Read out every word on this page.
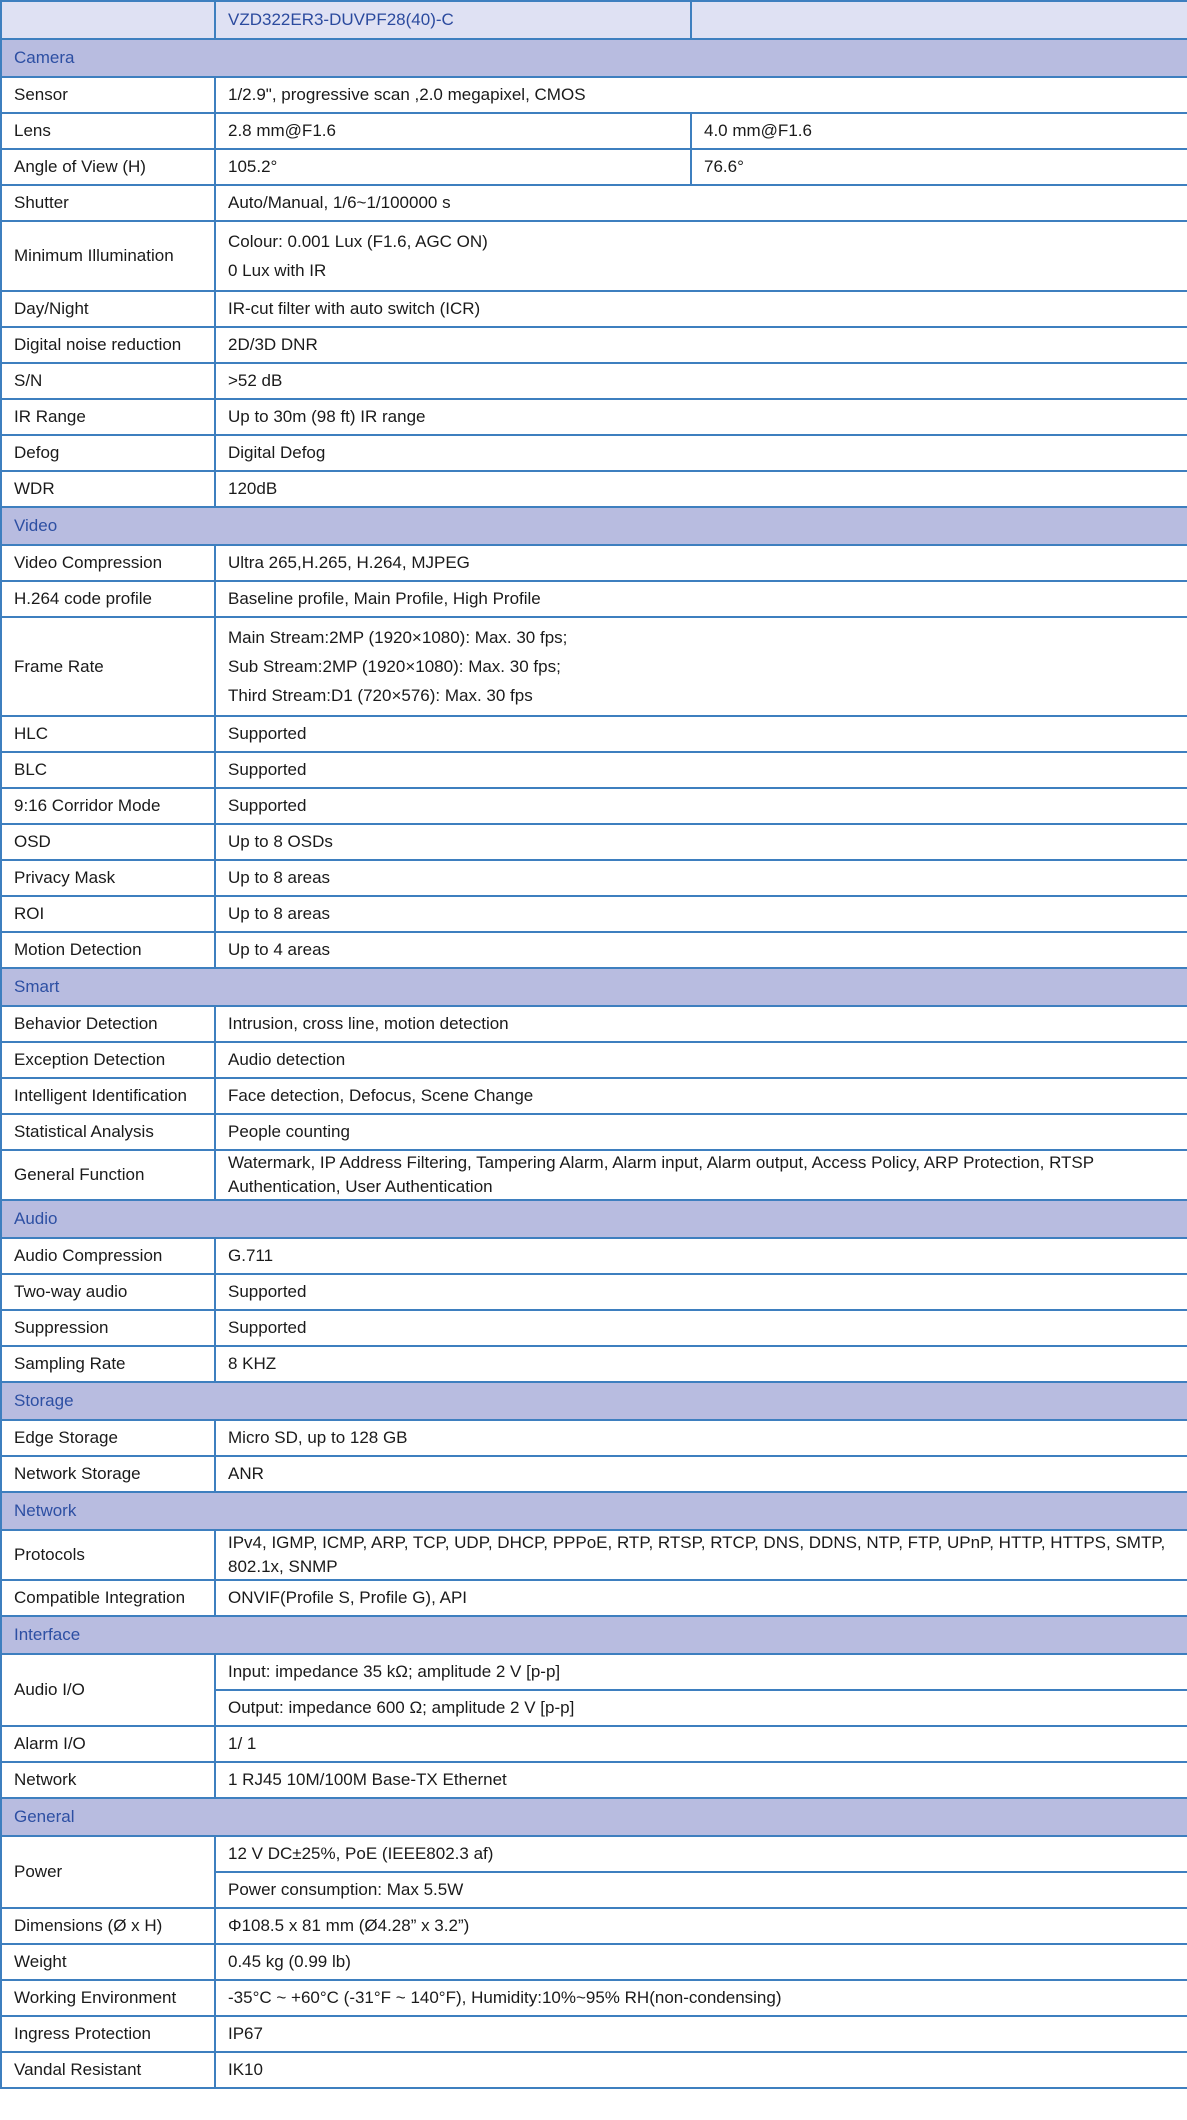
	VZD322ER3-DUVPF28(40)-C	
Camera		
Sensor	1/2.9", progressive scan ,2.0 megapixel, CMOS	
Lens	2.8 mm@F1.6	4.0 mm@F1.6
Angle of View (H)	105.2°	76.6°
Shutter	Auto/Manual, 1/6~1/100000 s	
Minimum Illumination	Colour: 0.001 Lux (F1.6, AGC ON)
0 Lux with IR	

Day/Night	IR-cut filter with auto switch (ICR)	
Digital noise reduction	2D/3D DNR	
S/N	>52 dB	
IR Range	Up to 30m (98 ft) IR range	
Defog	Digital Defog	
WDR	120dB	
Video		
Video Compression	Ultra 265,H.265, H.264, MJPEG	
H.264 code profile	Baseline profile, Main Profile, High Profile	
Frame Rate	Main Stream:2MP (1920×1080): Max. 30 fps;
Sub Stream:2MP (1920×1080): Max. 30 fps;
Third Stream:D1 (720×576): Max. 30 fps	

HLC	Supported	
BLC	Supported	
9:16 Corridor Mode	Supported	
OSD	Up to 8 OSDs	
Privacy Mask	Up to 8 areas	
ROI	Up to 8 areas	
Motion Detection	Up to 4 areas	
Smart		
Behavior Detection	Intrusion, cross line, motion detection	
Exception Detection	Audio detection	
Intelligent Identification	Face detection, Defocus, Scene Change	
Statistical Analysis	People counting	
General Function	Watermark, IP Address Filtering, Tampering Alarm, Alarm input, Alarm output, Access Policy, ARP Protection, RTSP Authentication, User Authentication	
Audio		
Audio Compression	G.711	
Two-way audio	Supported	
Suppression	Supported	
Sampling Rate	8 KHZ	
Storage		
Edge Storage	Micro SD, up to 128 GB	
Network Storage	ANR	
Network		
Protocols	IPv4, IGMP, ICMP, ARP, TCP, UDP, DHCP, PPPoE, RTP, RTSP, RTCP, DNS, DDNS, NTP, FTP, UPnP, HTTP, HTTPS, SMTP, 802.1x, SNMP	
Compatible Integration	ONVIF(Profile S, Profile G), API	
Interface		
Audio I/O	Input: impedance 35 kΩ; amplitude 2 V [p-p]	
	Output: impedance 600 Ω; amplitude 2 V [p-p]	
Alarm I/O	1/ 1	
Network	1 RJ45 10M/100M Base-TX Ethernet	
General		
Power	12 V DC±25%, PoE (IEEE802.3 af)	
	Power consumption: Max 5.5W	
Dimensions (Ø x H)	Φ108.5 x 81 mm (Ø4.28” x 3.2”)	
Weight	0.45 kg (0.99 lb)	
Working Environment	-35°C ~ +60°C (-31°F ~ 140°F), Humidity:10%~95% RH(non-condensing)	
Ingress Protection	IP67	
Vandal Resistant	IK10	
